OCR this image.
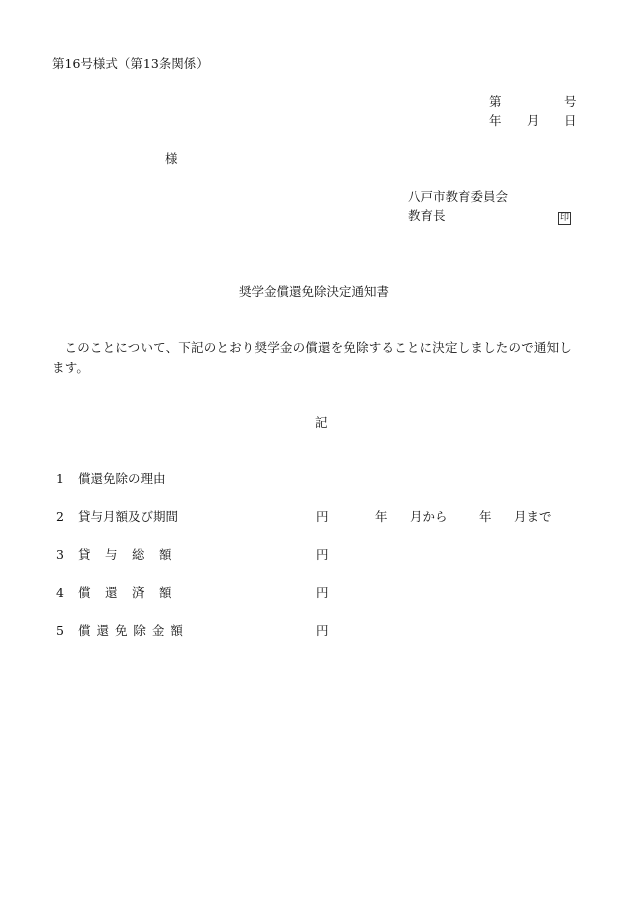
第16号様式（第13条関係）
第	号
年 月 日
様
八戸市教育委員会
教育長	印
奨学金償還免除決定通知書
このことについて、下記のとおり奨学金の償還を免除することに決定しましたので通知します。
記
1 償還免除の理由
2 貸与月額及び期間	円	年 月から	年 月まで
3 貸　与　総　額	円
4 償　還　済　額	円
5 償 還 免 除 金 額	円
